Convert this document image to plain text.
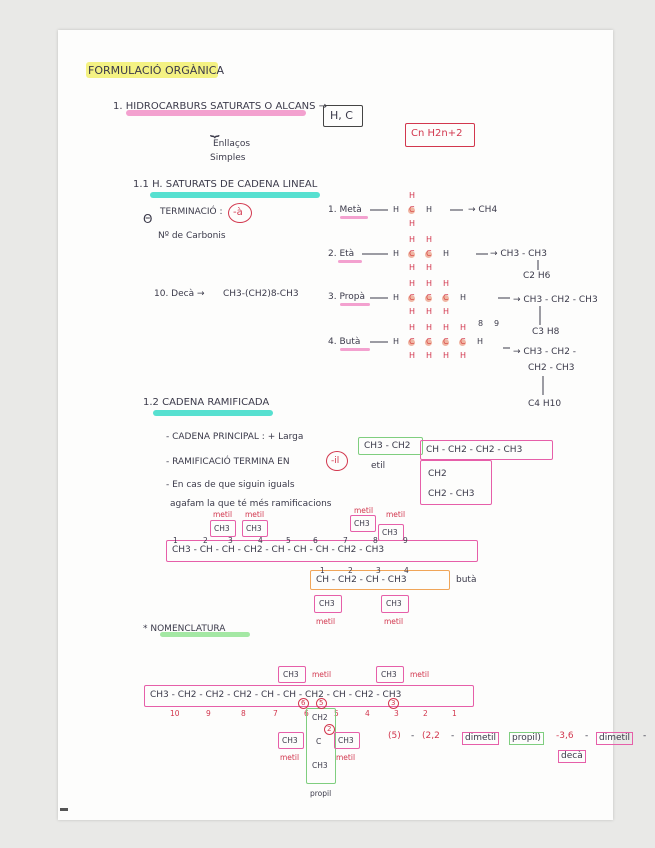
FORMULACIÓ ORGÀNICA
1. HIDROCARBURS SATURATS O ALCANS →
H, C
⏟
Enllaços
Simples
Cn H2n+2
1.1 H. SATURATS DE CADENA LINEAL
Θ TERMINACIÓ : -à
Nº de Carbonis
10. Decà → CH3-(CH2)8-CH3
1. Metà	→ CH4
2. Età	→ CH3 - CH3
C2 H6
3. Propà	→ CH3 - CH2 - CH3
C3 H8
4. Butà
→ CH3 - CH2 -
CH2 - CH3
C4 H10
H C
H
H
H
H C
H
H
C
H
H
H
H C
H
H
C
H
H
C
H
H
H
H C
H
H
C
H
H
C
H
H
C
H
H
H
8 9
1.2 CADENA RAMIFICADA
- CADENA PRINCIPAL : + Larga
- RAMIFICACIÓ TERMINA EN	-il
- En cas de que siguin iguals
agafam la que té més ramificacions
CH3 - CH2
etil
CH - CH2 - CH2 - CH3
CH2
CH2 - CH3
CH3 - CH - CH - CH2 - CH - CH - CH - CH2 - CH3
CH3
metil
CH3
metil
CH3
metil
CH3
metil
1	2	3	4	5	6	7	8	9
CH - CH2 - CH - CH3	butà
1	2	3	4
CH3
metil
CH3
metil
* NOMENCLATURA
CH3 - CH2 - CH2 - CH2 - CH - CH - CH2 - CH - CH2 - CH3
10	9	8	7	6	5	4	3	2	1
CH3 metil	CH3 metil
CH2
C
CH3
propil
CH3
metil
CH3
metil
6 5	3
2
(5) - (2,2 -	dimetil	propil)	-3,6 -	dimetil	-
decà
